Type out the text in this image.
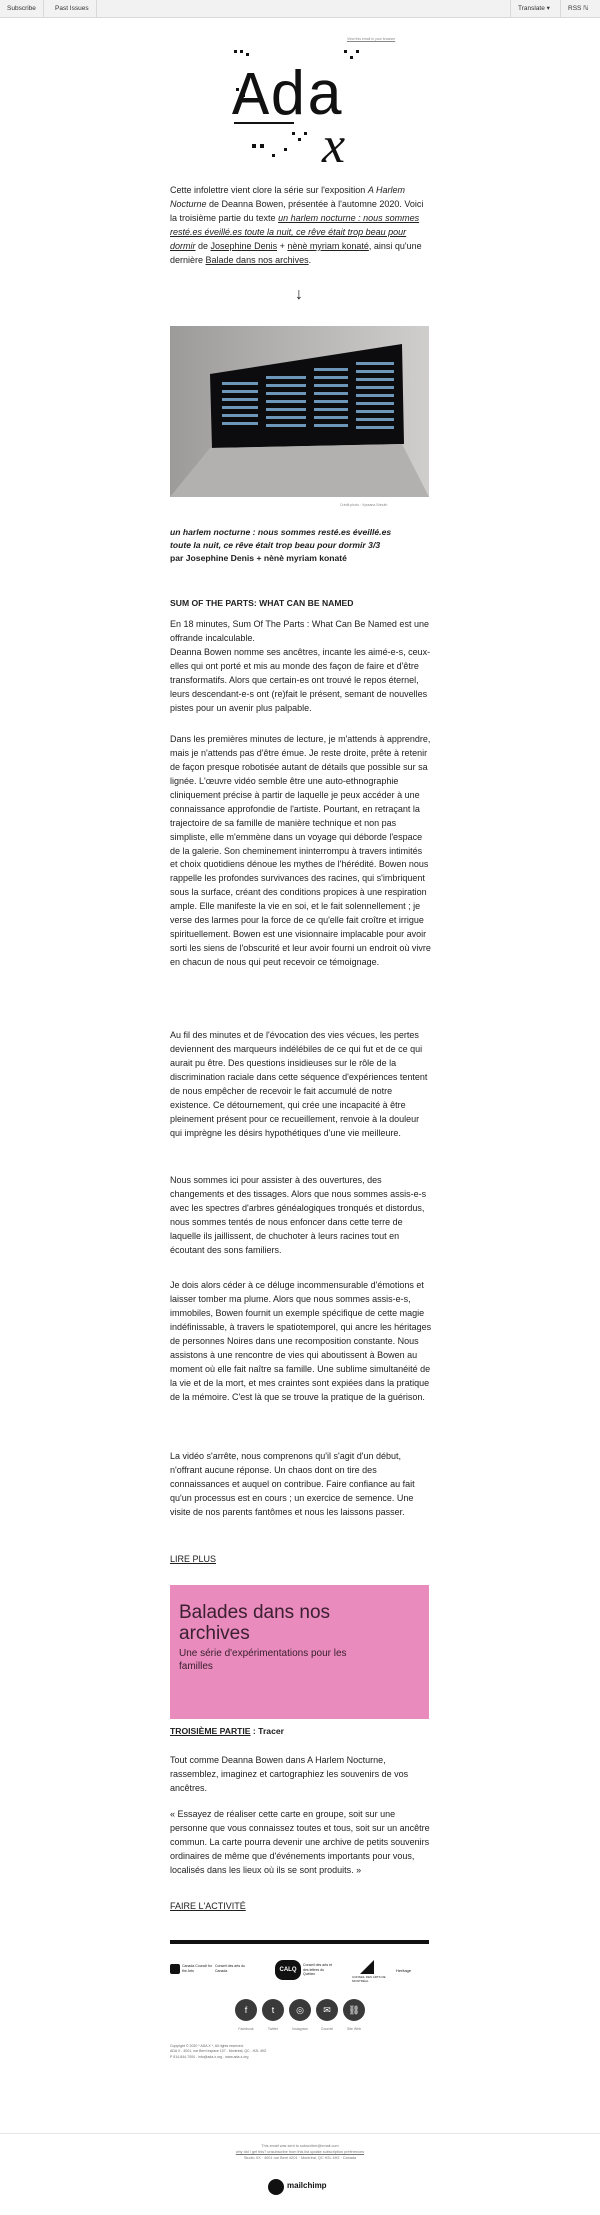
Subscribe	Past Issues	Translate ▾	RSS ℕ
View this email in your browser
Ada
x
Cette infolettre vient clore la série sur l'exposition A Harlem Nocturne de Deanna Bowen, présentée à l'automne 2020. Voici la troisième partie du texte un harlem nocturne : nous sommes resté.es éveillé.es toute la nuit, ce rêve était trop beau pour dormir de Josephine Denis + nènè myriam konaté, ainsi qu'une dernière Balade dans nos archives.
↓
Crédit photo : Vyssana Srinuth
un harlem nocturne : nous sommes resté.es éveillé.es
toute la nuit, ce rêve était trop beau pour dormir 3/3
par Josephine Denis + nènè myriam konaté
SUM OF THE PARTS: WHAT CAN BE NAMED
En 18 minutes, Sum Of The Parts : What Can Be Named est une offrande incalculable.
Deanna Bowen nomme ses ancêtres, incante les aimé-e-s, ceux-elles qui ont porté et mis au monde des façon de faire et d'être transformatifs. Alors que certain-es ont trouvé le repos éternel, leurs descendant-e-s ont (re)fait le présent, semant de nouvelles pistes pour un avenir plus palpable.
Dans les premières minutes de lecture, je m'attends à apprendre, mais je n'attends pas d'être émue. Je reste droite, prête à retenir de façon presque robotisée autant de détails que possible sur sa lignée. L'œuvre vidéo semble être une auto-ethnographie cliniquement précise à partir de laquelle je peux accéder à une connaissance approfondie de l'artiste. Pourtant, en retraçant la trajectoire de sa famille de manière technique et non pas simpliste, elle m'emmène dans un voyage qui déborde l'espace de la galerie. Son cheminement ininterrompu à travers intimités et choix quotidiens dénoue les mythes de l'hérédité. Bowen nous rappelle les profondes survivances des racines, qui s'imbriquent sous la surface, créant des conditions propices à une respiration ample. Elle manifeste la vie en soi, et le fait solennellement ; je verse des larmes pour la force de ce qu'elle fait croître et irrigue spirituellement. Bowen est une visionnaire implacable pour avoir sorti les siens de l'obscurité et leur avoir fourni un endroit où vivre en chacun de nous qui peut recevoir ce témoignage.
Au fil des minutes et de l'évocation des vies vécues, les pertes deviennent des marqueurs indélébiles de ce qui fut et de ce qui aurait pu être. Des questions insidieuses sur le rôle de la discrimination raciale dans cette séquence d'expériences tentent de nous empêcher de recevoir le fait accumulé de notre existence. Ce détournement, qui crée une incapacité à être pleinement présent pour ce recueillement, renvoie à la douleur qui imprègne les désirs hypothétiques d'une vie meilleure.
Nous sommes ici pour assister à des ouvertures, des changements et des tissages. Alors que nous sommes assis-e-s avec les spectres d'arbres généalogiques tronqués et distordus, nous sommes tentés de nous enfoncer dans cette terre de laquelle ils jaillissent, de chuchoter à leurs racines tout en écoutant des sons familiers.
Je dois alors céder à ce déluge incommensurable d'émotions et laisser tomber ma plume. Alors que nous sommes assis-e-s, immobiles, Bowen fournit un exemple spécifique de cette magie indéfinissable, à travers le spatiotemporel, qui ancre les héritages de personnes Noires dans une recomposition constante. Nous assistons à une rencontre de vies qui aboutissent à Bowen au moment où elle fait naître sa famille. Une sublime simultanéité de la vie et de la mort, et mes craintes sont expiées dans la pratique de la mémoire. C'est là que se trouve la pratique de la guérison.
La vidéo s'arrête, nous comprenons qu'il s'agit d'un début, n'offrant aucune réponse. Un chaos dont on tire des connaissances et auquel on contribue. Faire confiance au fait qu'un processus est en cours ; un exercice de semence. Une visite de nos parents fantômes et nous les laissons passer.
LIRE PLUS
Balades dans nos archives
Une série d'expérimentations pour les familles
TROISIÈME PARTIE : Tracer
Tout comme Deanna Bowen dans A Harlem Nocturne, rassemblez, imaginez et cartographiez les souvenirs de vos ancêtres.
« Essayez de réaliser cette carte en groupe, soit sur une personne que vous connaissez toutes et tous, soit sur un ancêtre commun. La carte pourra devenir une archive de petits souvenirs ordinaires de même que d'événements importants pour vous, localisés dans les lieux où ils se sont produits. »
FAIRE L'ACTIVITÉ
Canada Council for the Arts
Conseil des arts du Canada	CALQ
Conseil des arts et des lettres du Québec
CONSEIL DES ARTS DE MONTRÉAL
Heritage
f	t	◎	✉	⛓
Facebook	Twitter	Instagram	Courriel	Site Web
Copyright © 2020 * ADA X *, All rights reserved.
ADA X - 4001, rue Berri espace 107 - Montréal, QC - H2L 4H2
P 514-844-7000 - info@ada-x.org - www.ada-x.org
This email was sent to subscriber@email.com
why did I get this? unsubscribe from this list update subscription preferences
Studio XX · 4001 rue Berri #201 · Montréal, QC H2L 4H2 · Canada
mailchimp
